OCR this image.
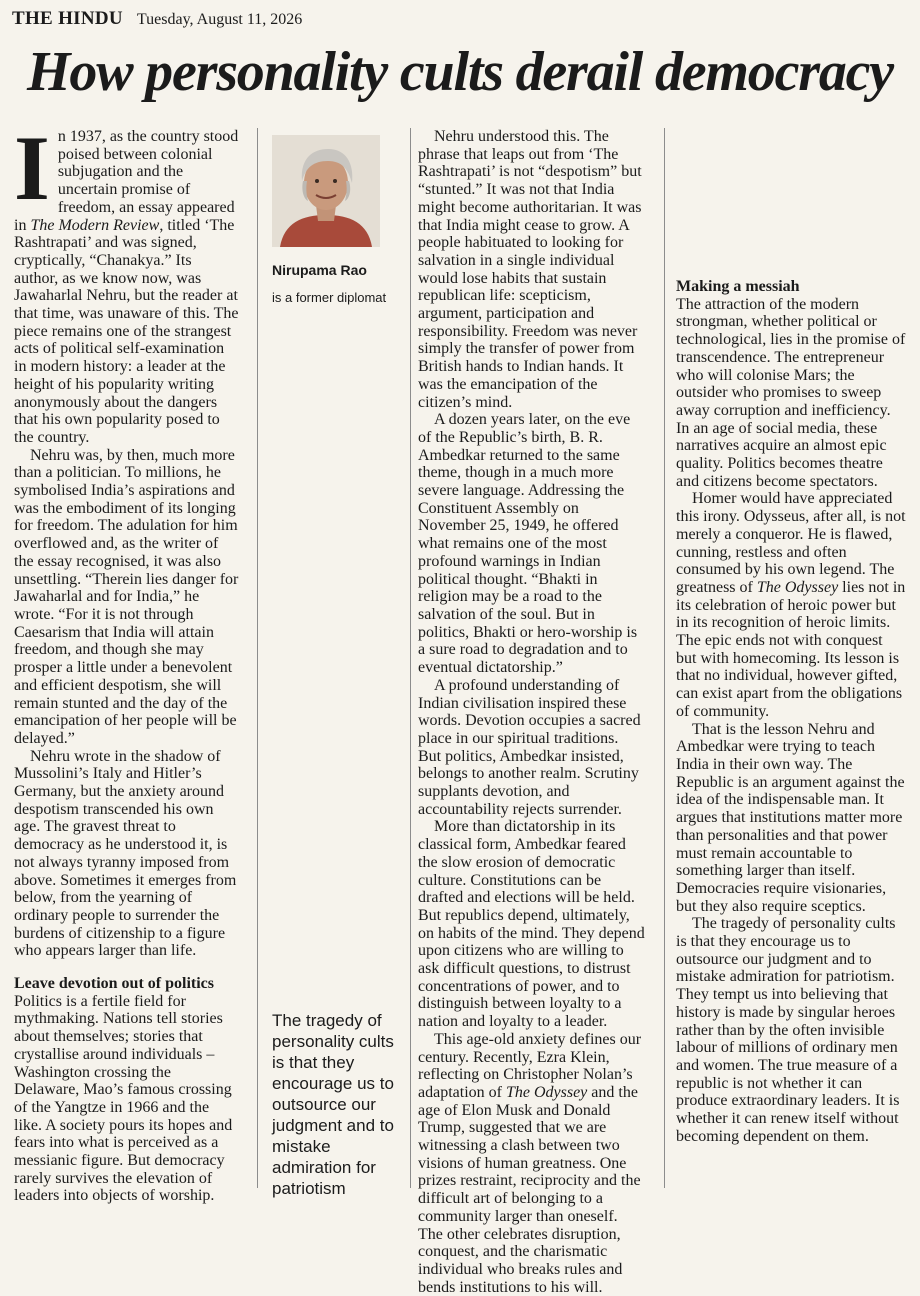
THE HINDU Tuesday, August 11, 2026
How personality cults derail democracy

In 1937, as the country stood poised between colonial subjugation and the uncertain promise of freedom, an essay appeared in The Modern Review, titled ‘The Rashtrapati’ and was signed, cryptically, “Chanakya.” Its author, as we know now, was Jawaharlal Nehru, but the reader at that time, was unaware of this. The piece remains one of the strangest acts of political self-examination in modern history: a leader at the height of his popularity writing anonymously about the dangers that his own popularity posed to the country.

Nehru was, by then, much more than a politician. To millions, he symbolised India’s aspirations and was the embodiment of its longing for freedom. The adulation for him overflowed and, as the writer of the essay recognised, it was also unsettling. “Therein lies danger for Jawaharlal and for India,” he wrote. “For it is not through Caesarism that India will attain freedom, and though she may prosper a little under a benevolent and efficient despotism, she will remain stunted and the day of the emancipation of her people will be delayed.”

Nehru wrote in the shadow of Mussolini’s Italy and Hitler’s Germany, but the anxiety around despotism transcended his own age. The gravest threat to democracy as he understood it, is not always tyranny imposed from above. Sometimes it emerges from below, from the yearning of ordinary people to surrender the burdens of citizenship to a figure who appears larger than life.

Leave devotion out of politics

Politics is a fertile field for mythmaking. Nations tell stories about themselves; stories that crystallise around individuals – Washington crossing the Delaware, Mao’s famous crossing of the Yangtze in 1966 and the like. A society pours its hopes and fears into what is perceived as a messianic figure. But democracy rarely survives the elevation of leaders into objects of worship.

Nirupama Rao
is a former diplomat
The tragedy of personality cults is that they encourage us to outsource our judgment and to mistake admiration for patriotism

Nehru understood this. The phrase that leaps out from ‘The Rashtrapati’ is not “despotism” but “stunted.” It was not that India might become authoritarian. It was that India might cease to grow. A people habituated to looking for salvation in a single individual would lose habits that sustain republican life: scepticism, argument, participation and responsibility. Freedom was never simply the transfer of power from British hands to Indian hands. It was the emancipation of the citizen’s mind.

A dozen years later, on the eve of the Republic’s birth, B. R. Ambedkar returned to the same theme, though in a much more severe language. Addressing the Constituent Assembly on November 25, 1949, he offered what remains one of the most profound warnings in Indian political thought. “Bhakti in religion may be a road to the salvation of the soul. But in politics, Bhakti or hero-worship is a sure road to degradation and to eventual dictatorship.”

A profound understanding of Indian civilisation inspired these words. Devotion occupies a sacred place in our spiritual traditions. But politics, Ambedkar insisted, belongs to another realm. Scrutiny supplants devotion, and accountability rejects surrender.

More than dictatorship in its classical form, Ambedkar feared the slow erosion of democratic culture. Constitutions can be drafted and elections will be held. But republics depend, ultimately, on habits of the mind. They depend upon citizens who are willing to ask difficult questions, to distrust concentrations of power, and to distinguish between loyalty to a nation and loyalty to a leader.

This age-old anxiety defines our century. Recently, Ezra Klein, reflecting on Christopher Nolan’s adaptation of The Odyssey and the age of Elon Musk and Donald Trump, suggested that we are witnessing a clash between two visions of human greatness. One prizes restraint, reciprocity and the difficult art of belonging to a community larger than oneself. The other celebrates disruption, conquest, and the charismatic individual who breaks rules and bends institutions to his will.

Making a messiah

The attraction of the modern strongman, whether political or technological, lies in the promise of transcendence. The entrepreneur who will colonise Mars; the outsider who promises to sweep away corruption and inefficiency. In an age of social media, these narratives acquire an almost epic quality. Politics becomes theatre and citizens become spectators.

Homer would have appreciated this irony. Odysseus, after all, is not merely a conqueror. He is flawed, cunning, restless and often consumed by his own legend. The greatness of The Odyssey lies not in its celebration of heroic power but in its recognition of heroic limits. The epic ends not with conquest but with homecoming. Its lesson is that no individual, however gifted, can exist apart from the obligations of community.

That is the lesson Nehru and Ambedkar were trying to teach India in their own way. The Republic is an argument against the idea of the indispensable man. It argues that institutions matter more than personalities and that power must remain accountable to something larger than itself. Democracies require visionaries, but they also require sceptics.

The tragedy of personality cults is that they encourage us to outsource our judgment and to mistake admiration for patriotism. They tempt us into believing that history is made by singular heroes rather than by the often invisible labour of millions of ordinary men and women. The true measure of a republic is not whether it can produce extraordinary leaders. It is whether it can renew itself without becoming dependent on them.
